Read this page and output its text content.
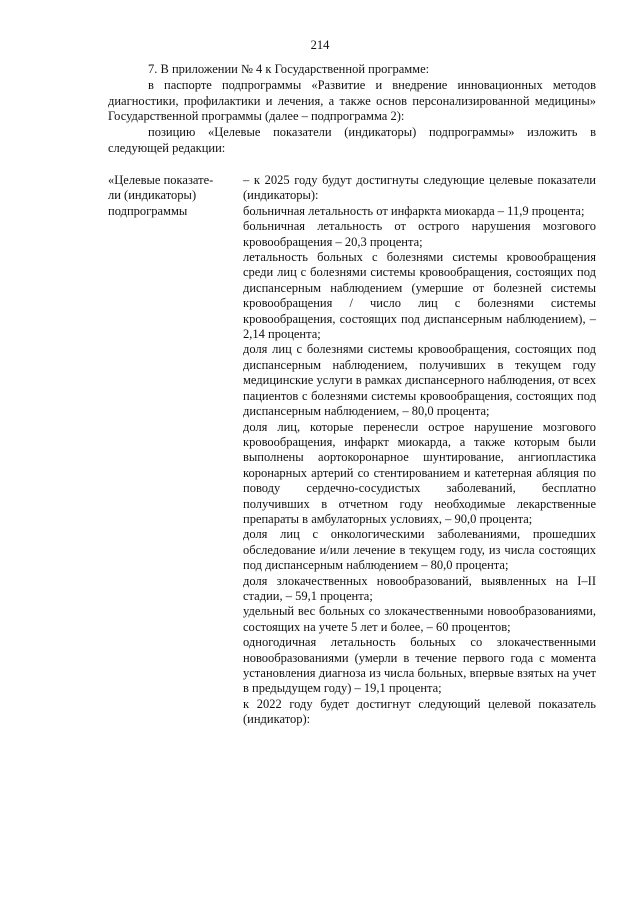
214

7. В приложении № 4 к Государственной программе:

в паспорте подпрограммы «Развитие и внедрение инновационных методов диагностики, профилактики и лечения, а также основ персонализированной медицины» Государственной программы (далее – подпрограмма 2):

позицию «Целевые показатели (индикаторы) подпрограммы» изложить в следующей редакции:

«Целевые показате-
ли (индикаторы)
подпрограммы

– к 2025 году будут достигнуты следующие целевые показатели (индикаторы):

больничная летальность от инфаркта миокарда – 11,9 процента;

больничная летальность от острого нарушения мозгового кровообращения – 20,3 процента;

летальность больных с болезнями системы кровообращения среди лиц с болезнями системы кровообращения, состоящих под диспансерным наблюдением (умершие от болезней системы кровообращения / число лиц с болезнями системы кровообращения, состоящих под диспансерным наблюдением), – 2,14 процента;

доля лиц с болезнями системы кровообращения, состоящих под диспансерным наблюдением, получивших в текущем году медицинские услуги в рамках диспансерного наблюдения, от всех пациентов с болезнями системы кровообращения, состоящих под диспансерным наблюдением, – 80,0 процента;

доля лиц, которые перенесли острое нарушение мозгового кровообращения, инфаркт миокарда, а также которым были выполнены аортокоронарное шунтирование, ангиопластика коронарных артерий со стентированием и катетерная абляция по поводу сердечно-сосудистых заболеваний, бесплатно получивших в отчетном году необходимые лекарственные препараты в амбулаторных условиях, – 90,0 процента;

доля лиц с онкологическими заболеваниями, прошедших обследование и/или лечение в текущем году, из числа состоящих под диспансерным наблюдением – 80,0 процента;

доля злокачественных новообразований, выявленных на I–II стадии, – 59,1 процента;

удельный вес больных со злокачественными новообразованиями, состоящих на учете 5 лет и более, – 60 процентов;

одногодичная летальность больных со злокачественными новообразованиями (умерли в течение первого года с момента установления диагноза из числа больных, впервые взятых на учет в предыдущем году) – 19,1 процента;

к 2022 году будет достигнут следующий целевой показатель (индикатор):
